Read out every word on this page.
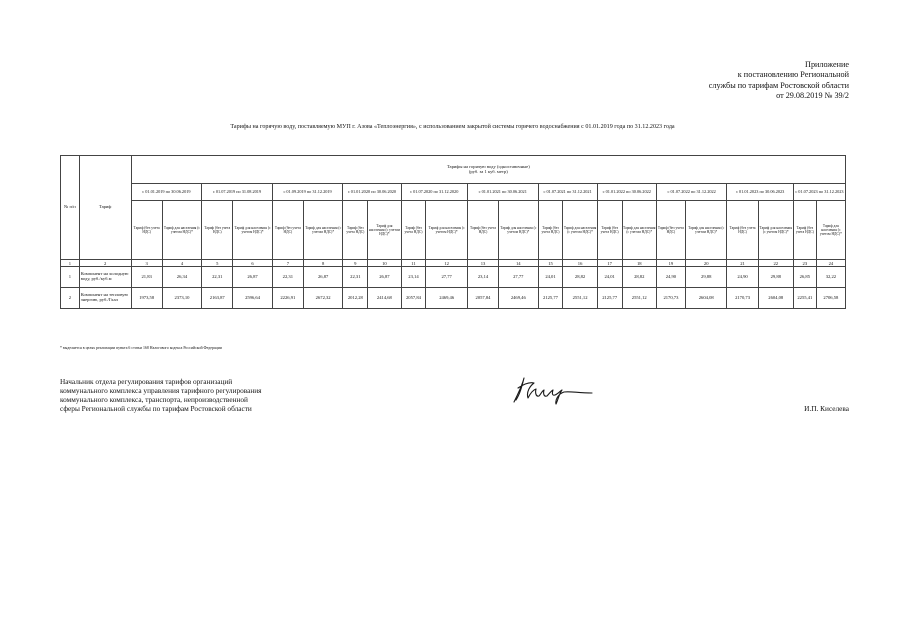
Приложение
к постановлению Региональной
службы по тарифам Ростовской области
от 29.08.2019 № 39/2
Тарифы на горячую воду, поставляемую МУП г. Азова «Теплоэнергия», с использованием закрытой системы горячего водоснабжения с 01.01.2019 года по 31.12.2023 года
№ п/п	Тариф	Тарифы на горячую воду (одноставочные)
(руб. за 1 куб. метр)																					

		с 01.01.2019 по 30.06.2019		с 01.07.2019 по 31.08.2019		с 01.09.2019 по 31.12.2019		с 01.01.2020 по 30.06.2020		с 01.07.2020 по 31.12.2020		с 01.01.2021 по 30.06.2021		с 01.07.2021 по 31.12.2021		с 01.01.2022 по 30.06.2022		с 01.07.2022 по 31.12.2022		с 01.01.2023 по 30.06.2023		с 01.07.2023 по 31.12.2023	
		Тариф (без учета НДС)	Тариф для населения (с учетом НДС)*	Тариф (без учета НДС)	Тариф для населения (с учетом НДС)*	Тариф (без учета НДС)	Тариф для населения (с учетом НДС)*	Тариф (без учета НДС)	Тариф для населения (с учетом НДС)*	Тариф (без учета НДС)	Тариф для населения (с учетом НДС)*	Тариф (без учета НДС)	Тариф для населения (с учетом НДС)*	Тариф (без учета НДС)	Тариф для населения (с учетом НДС)*	Тариф (без учета НДС)	Тариф для населения (с учетом НДС)*	Тариф (без учета НДС)	Тариф для населения (с учетом НДС)*	Тариф (без учета НДС)	Тариф для населения (с учетом НДС)*	Тариф (без учета НДС)	Тариф для населения (с учетом НДС)*
1	2	3	4	5	6	7	8	9	10	11	12	13	14	15	16	17	18	19	20	21	22	23	24
1	Компонент на холодную воду, руб./куб.м	21,83	26,34	22,31	26,87	22,31	26,87	22,31	26,87	23,14	27,77	23,14	27,77	24,01	28,82	24,01	28,82	24,90	29,88	24,90	29,88	26,85	32,22
2	Компонент на тепловую энергию, руб./Гкал	1973,58	2373,10	2163,87	2596,64	2226,91	2672,32	2012,28	2414,68	2057,84	2469,46	2057,84	2469,46	2125,77	2551,12	2125,77	2551,12	2170,73	2604,08	2170,73	2604,08	2255,41	2706,58
* выделяется в целях реализации пункта 6 статьи 168 Налогового кодекса Российской Федерации
Начальник отдела регулирования тарифов организаций
коммунального комплекса управления тарифного регулирования
коммунального комплекса, транспорта, непроизводственной
сферы Региональной службы по тарифам Ростовской области	И.П. Киселева
